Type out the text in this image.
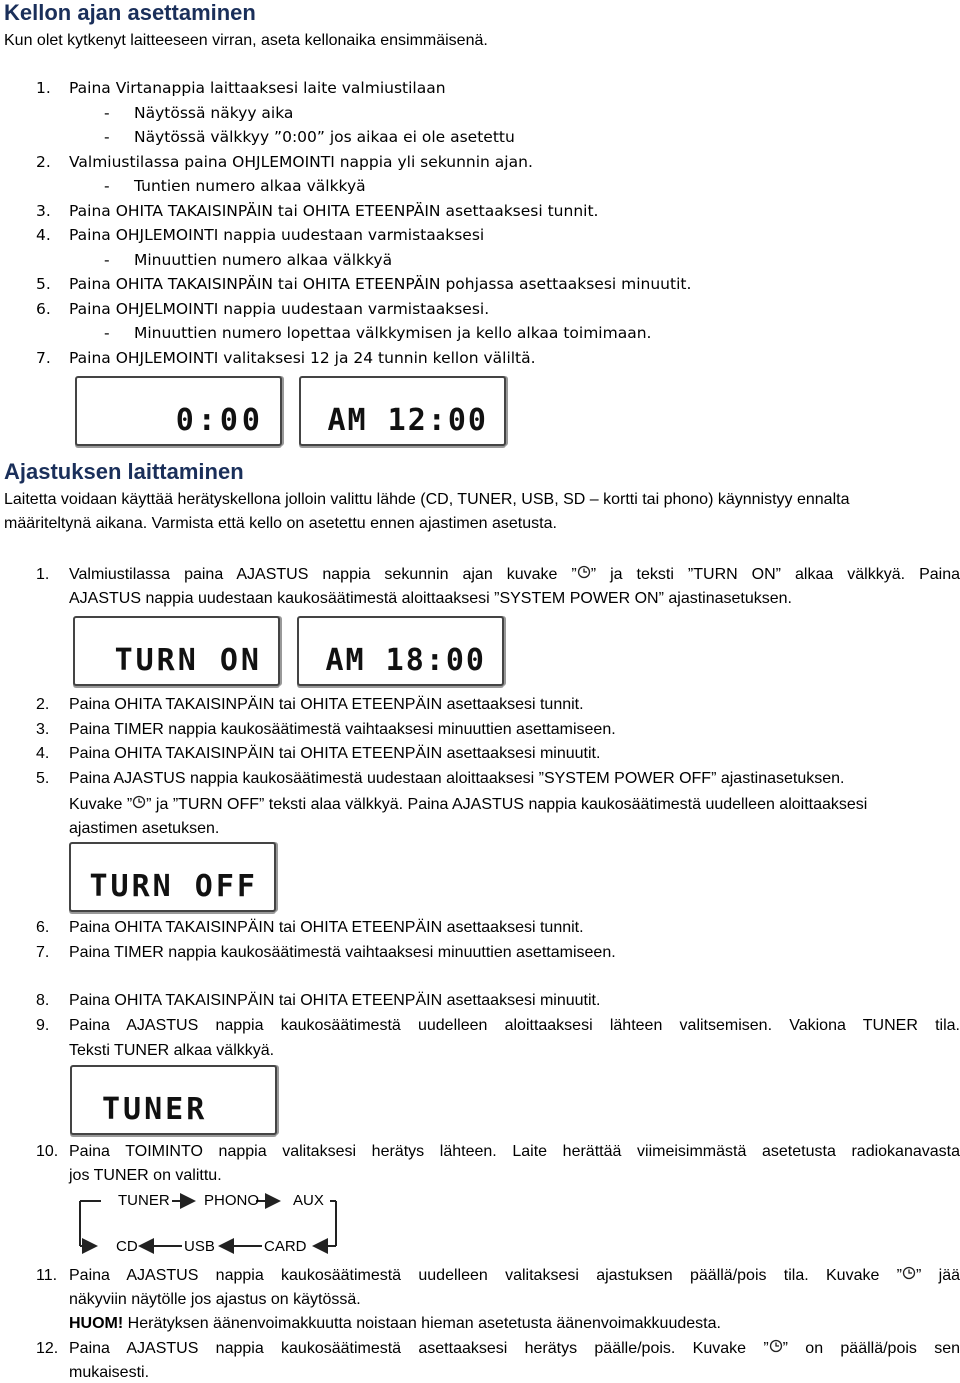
Kellon ajan asettaminen
Kun olet kytkenyt laitteeseen virran, aseta kellonaika ensimmäisenä.
1. Paina Virtanappia laittaaksesi laite valmiustilaan
- Näytössä näkyy aika
- Näytössä välkkyy ”0:00” jos aikaa ei ole asetettu
2. Valmiustilassa paina OHJLEMOINTI nappia yli sekunnin ajan.
- Tuntien numero alkaa välkkyä
3. Paina OHITA TAKAISINPÄIN tai OHITA ETEENPÄIN asettaaksesi tunnit.
4. Paina OHJLEMOINTI nappia uudestaan varmistaaksesi
- Minuuttien numero alkaa välkkyä
5. Paina OHITA TAKAISINPÄIN tai OHITA ETEENPÄIN pohjassa asettaaksesi minuutit.
6. Paina OHJELMOINTI nappia uudestaan varmistaaksesi.
- Minuuttien numero lopettaa välkkymisen ja kello alkaa toimimaan.
7. Paina OHJLEMOINTI valitaksesi 12 ja 24 tunnin kellon väliltä.
0:00 AM 12:00
Ajastuksen laittaminen
Laitetta voidaan käyttää herätyskellona jolloin valittu lähde (CD, TUNER, USB, SD – kortti tai phono) käynnistyy ennalta
määriteltynä aikana. Varmista että kello on asetettu ennen ajastimen asetusta.
1. Valmiustilassa paina AJASTUS nappia sekunnin ajan kuvake ” ” ja teksti ”TURN ON” alkaa välkkyä. Paina
AJASTUS nappia uudestaan kaukosäätimestä aloittaaksesi ”SYSTEM POWER ON” ajastinasetuksen.
TURN ON AM 18:00
2. Paina OHITA TAKAISINPÄIN tai OHITA ETEENPÄIN asettaaksesi tunnit.
3. Paina TIMER nappia kaukosäätimestä vaihtaaksesi minuuttien asettamiseen.
4. Paina OHITA TAKAISINPÄIN tai OHITA ETEENPÄIN asettaaksesi minuutit.
5. Paina AJASTUS nappia kaukosäätimestä uudestaan aloittaaksesi ”SYSTEM POWER OFF” ajastinasetuksen.
Kuvake ” ” ja ”TURN OFF” teksti alaa välkkyä. Paina AJASTUS nappia kaukosäätimestä uudelleen aloittaaksesi
ajastimen asetuksen.
TURN OFF
6. Paina OHITA TAKAISINPÄIN tai OHITA ETEENPÄIN asettaaksesi tunnit.
7. Paina TIMER nappia kaukosäätimestä vaihtaaksesi minuuttien asettamiseen.
8. Paina OHITA TAKAISINPÄIN tai OHITA ETEENPÄIN asettaaksesi minuutit.
9. Paina AJASTUS nappia kaukosäätimestä uudelleen aloittaaksesi lähteen valitsemisen. Vakiona TUNER tila.
Teksti TUNER alkaa välkkyä.
TUNER
10. Paina TOIMINTO nappia valitaksesi herätys lähteen. Laite herättää viimeisimmästä asetetusta radiokanavasta
jos TUNER on valittu.
TUNER PHONO AUX
CD	USB	CARD
11. Paina AJASTUS nappia kaukosäätimestä uudelleen valitaksesi ajastuksen päällä/pois tila. Kuvake ” ” jää
näkyviin näytölle jos ajastus on käytössä.
HUOM! Herätyksen äänenvoimakkuutta noistaan hieman asetetusta äänenvoimakkuudesta.
12. Paina AJASTUS nappia kaukosäätimestä asettaaksesi herätys päälle/pois. Kuvake ” ” on päällä/pois sen
mukaisesti.
